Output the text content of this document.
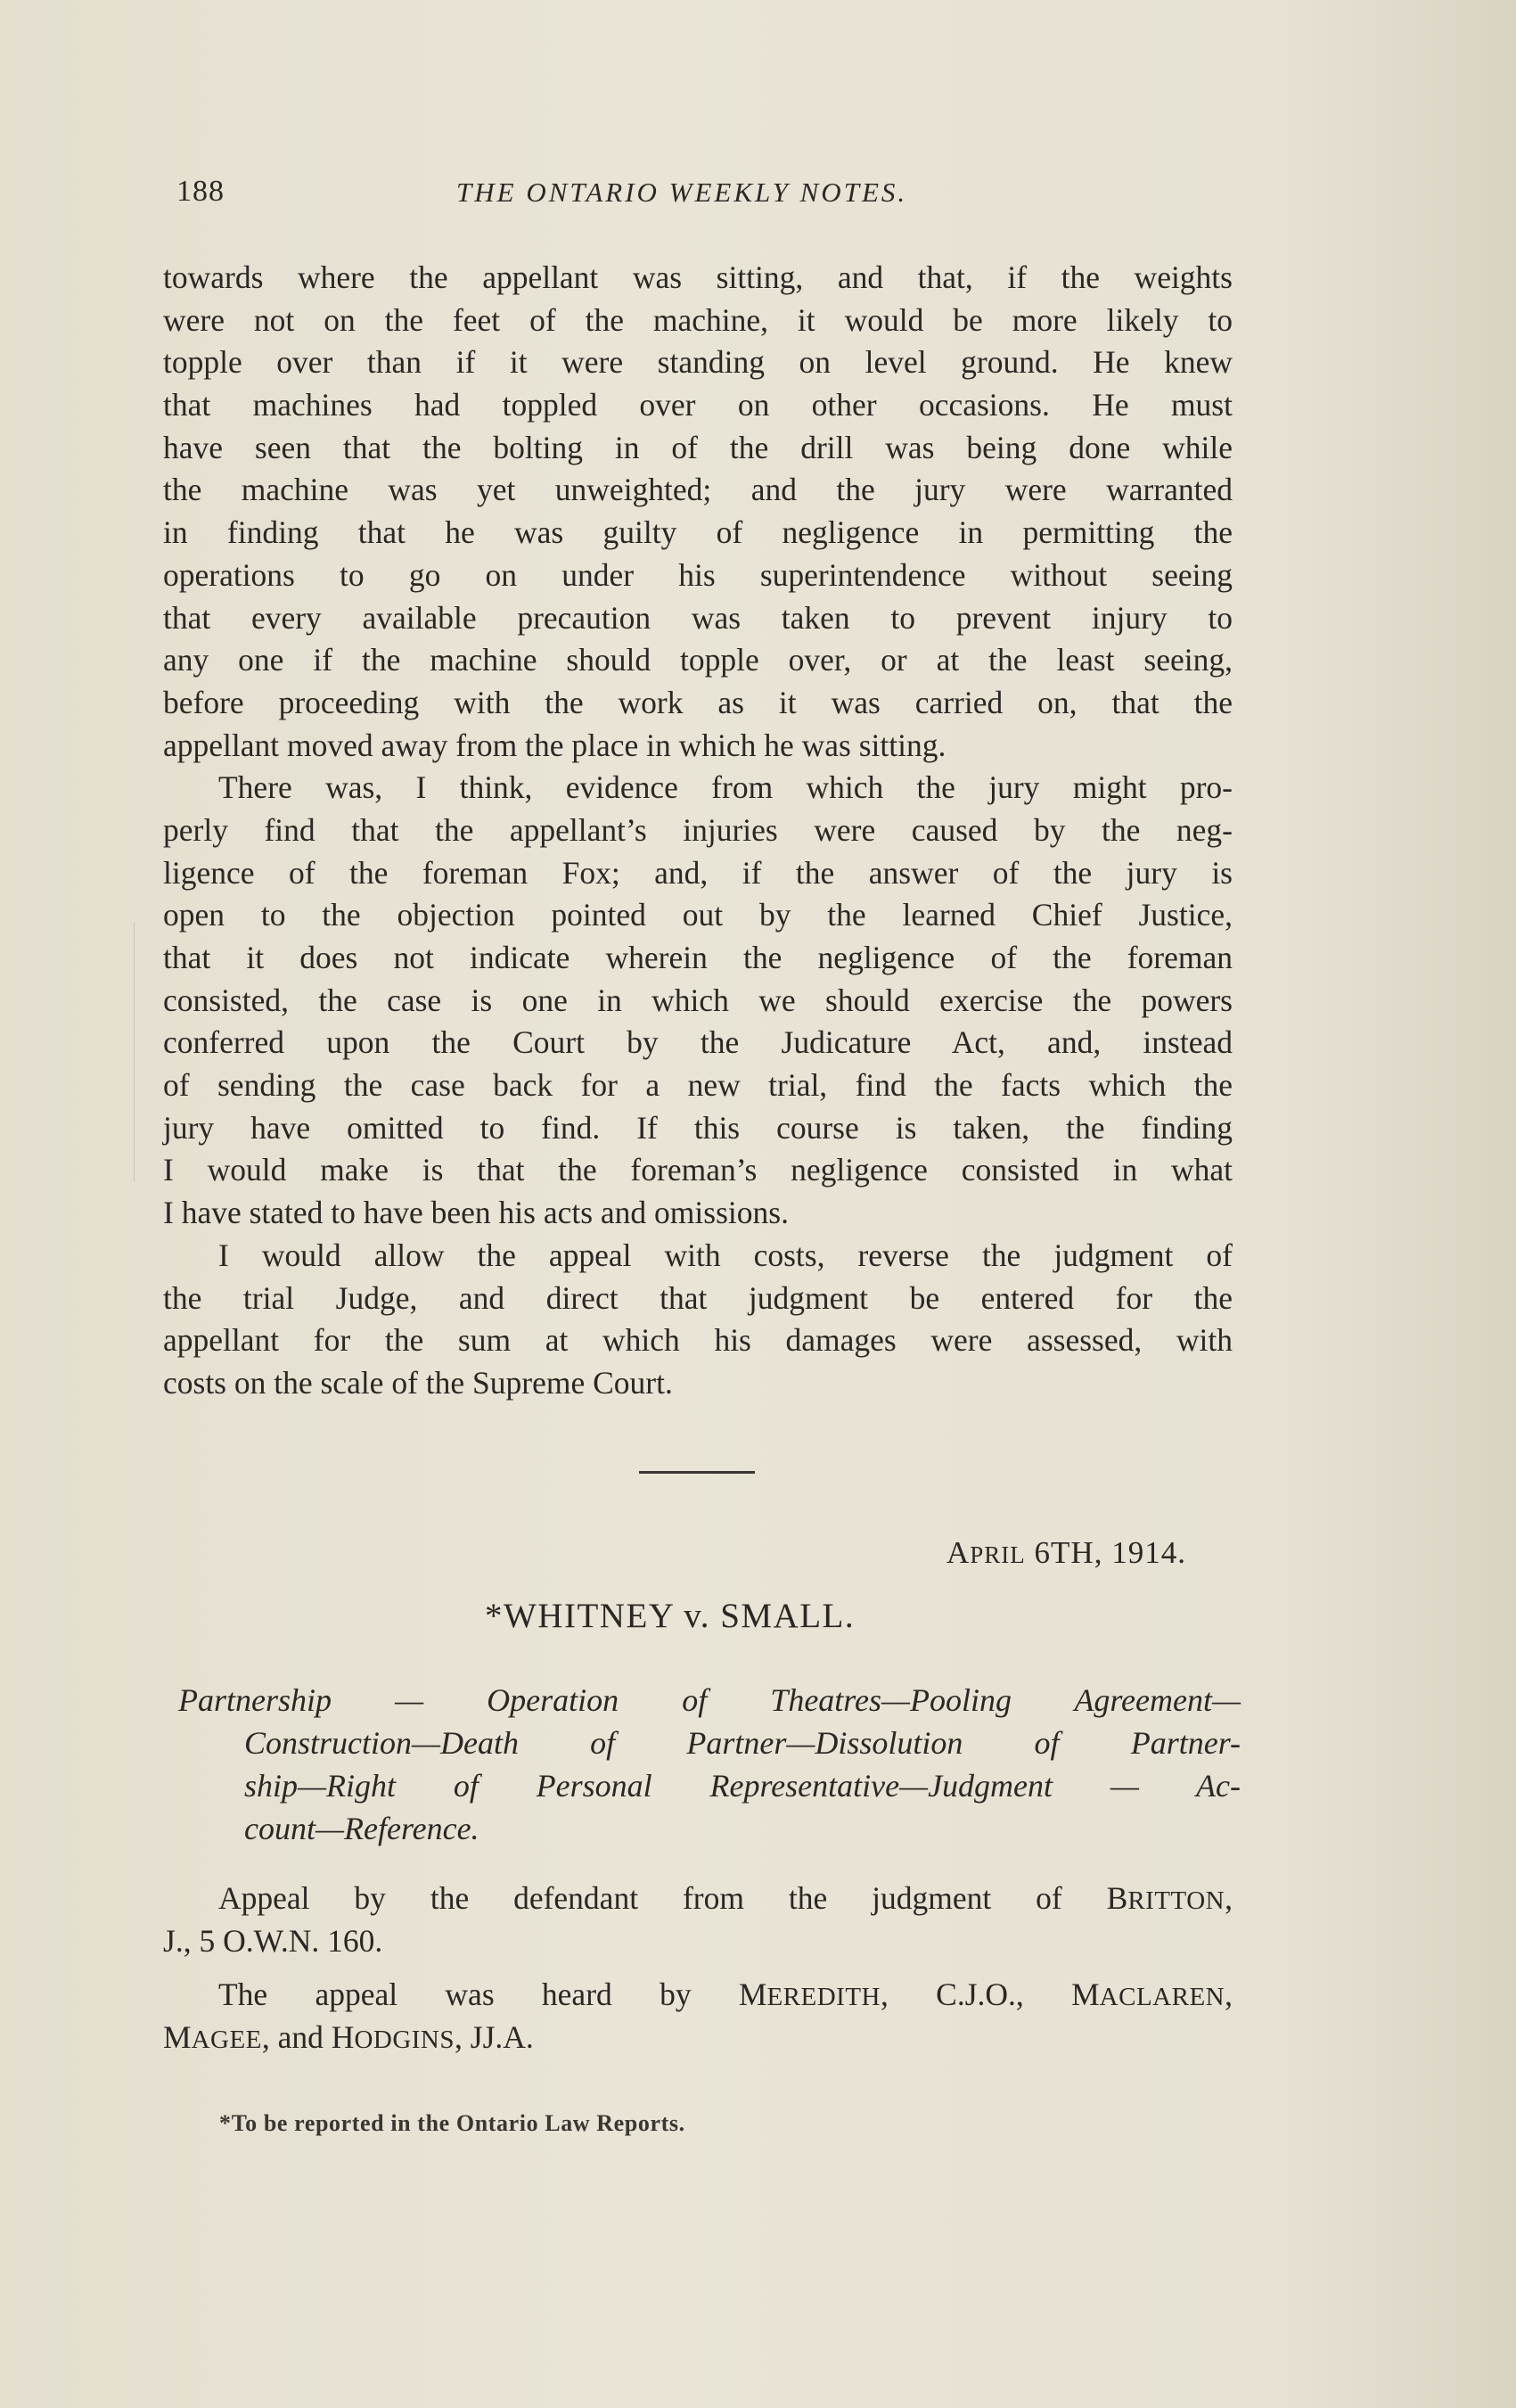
188	THE ONTARIO WEEKLY NOTES.
towards where the appellant was sitting, and that, if the weights
were not on the feet of the machine, it would be more likely to
topple over than if it were standing on level ground. He knew
that machines had toppled over on other occasions. He must
have seen that the bolting in of the drill was being done while
the machine was yet unweighted; and the jury were warranted
in finding that he was guilty of negligence in permitting the
operations to go on under his superintendence without seeing
that every available precaution was taken to prevent injury to
any one if the machine should topple over, or at the least seeing,
before proceeding with the work as it was carried on, that the
appellant moved away from the place in which he was sitting.
There was, I think, evidence from which the jury might pro-
perly find that the appellant’s injuries were caused by the neg-
ligence of the foreman Fox; and, if the answer of the jury is
open to the objection pointed out by the learned Chief Justice,
that it does not indicate wherein the negligence of the foreman
consisted, the case is one in which we should exercise the powers
conferred upon the Court by the Judicature Act, and, instead
of sending the case back for a new trial, find the facts which the
jury have omitted to find. If this course is taken, the finding
I would make is that the foreman’s negligence consisted in what
I have stated to have been his acts and omissions.
I would allow the appeal with costs, reverse the judgment of
the trial Judge, and direct that judgment be entered for the
appellant for the sum at which his damages were assessed, with
costs on the scale of the Supreme Court.
APRIL 6TH, 1914.
*WHITNEY v. SMALL.
Partnership — Operation of Theatres—Pooling Agreement—
Construction—Death of Partner—Dissolution of Partner-
ship—Right of Personal Representative—Judgment — Ac-
count—Reference.
Appeal by the defendant from the judgment of BRITTON,
J., 5 O.W.N. 160.
The appeal was heard by MEREDITH, C.J.O., MACLAREN,
MAGEE, and HODGINS, JJ.A.
*To be reported in the Ontario Law Reports.
